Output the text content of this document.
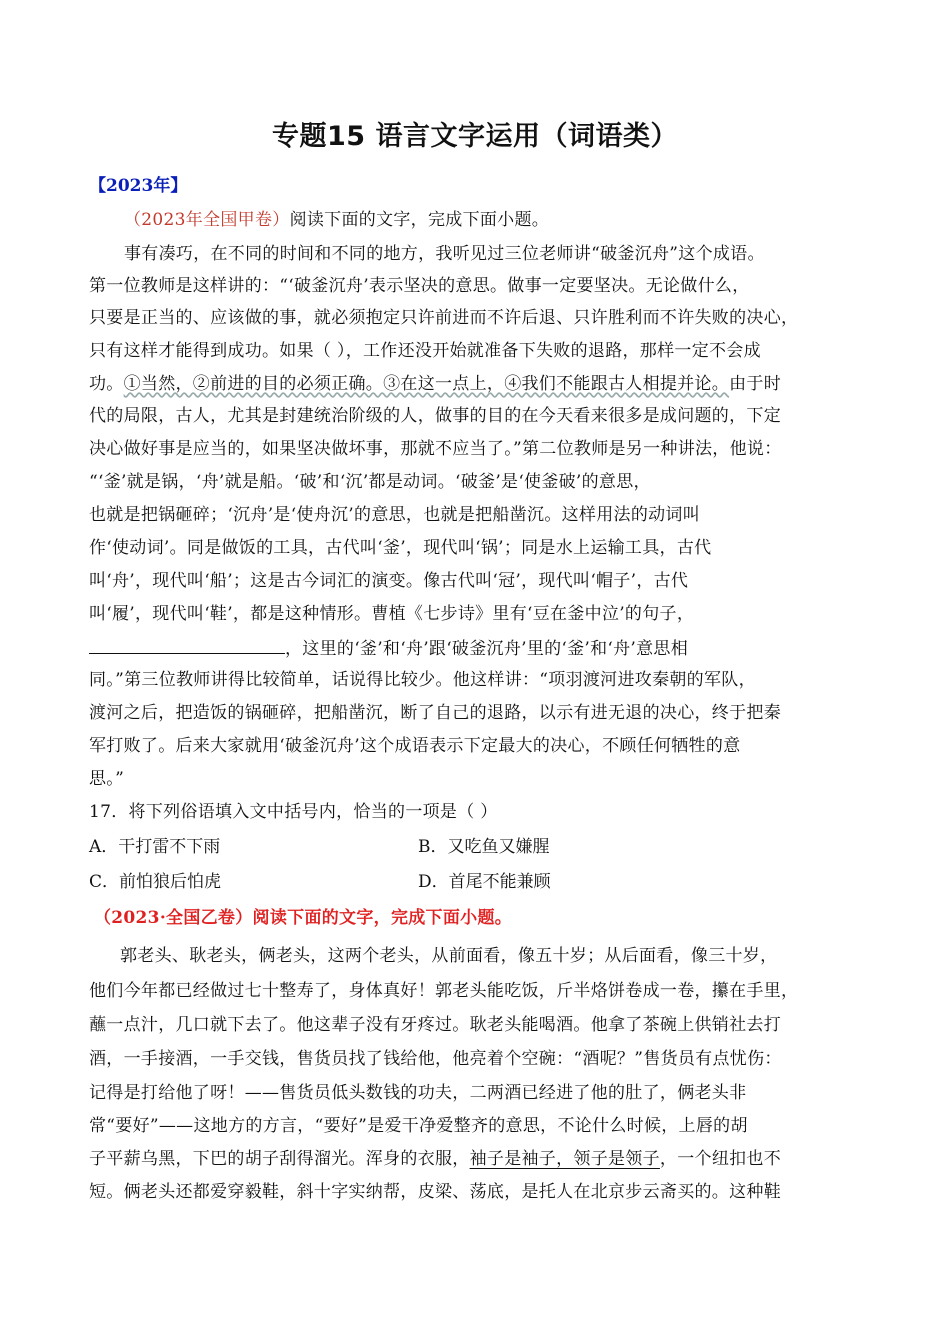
专题15 语言文字运用（词语类）
【2023年】
（2023年全国甲卷）阅读下面的文字，完成下面小题。
事有凑巧，在不同的时间和不同的地方，我听见过三位老师讲“破釜沉舟”这个成语。
第一位教师是这样讲的：“‘破釜沉舟’表示坚决的意思。做事一定要坚决。无论做什么，
只要是正当的、应该做的事，就必须抱定只许前进而不许后退、只许胜利而不许失败的决心，
只有这样才能得到成功。如果（ ），工作还没开始就准备下失败的退路，那样一定不会成
功。①当然，②前进的目的必须正确。③在这一点上，④我们不能跟古人相提并论。由于时
代的局限，古人，尤其是封建统治阶级的人，做事的目的在今天看来很多是成问题的，下定
决心做好事是应当的，如果坚决做坏事，那就不应当了。”第二位教师是另一种讲法，他说：
“‘釜’就是锅，‘舟’就是船。‘破’和‘沉’都是动词。‘破釜’是‘使釜破’的意思，
也就是把锅砸碎；‘沉舟’是‘使舟沉’的意思，也就是把船凿沉。这样用法的动词叫
作‘使动词’。同是做饭的工具，古代叫‘釜’，现代叫‘锅’；同是水上运输工具，古代
叫‘舟’，现代叫‘船’；这是古今词汇的演变。像古代叫‘冠’，现代叫‘帽子’，古代
叫‘履’，现代叫‘鞋’，都是这种情形。曹植《七步诗》里有‘豆在釜中泣’的句子，
，这里的‘釜’和‘舟’跟‘破釜沉舟’里的‘釜’和‘舟’意思相
同。”第三位教师讲得比较简单，话说得比较少。他这样讲：“项羽渡河进攻秦朝的军队，
渡河之后，把造饭的锅砸碎，把船凿沉，断了自己的退路，以示有进无退的决心，终于把秦
军打败了。后来大家就用‘破釜沉舟’这个成语表示下定最大的决心，不顾任何牺牲的意
思。”
17．将下列俗语填入文中括号内，恰当的一项是（ ）
A．干打雷不下雨	B．又吃鱼又嫌腥
C．前怕狼后怕虎	D．首尾不能兼顾
（2023·全国乙卷）阅读下面的文字，完成下面小题。
郭老头、耿老头，俩老头，这两个老头，从前面看，像五十岁；从后面看，像三十岁，
他们今年都已经做过七十整寿了，身体真好！郭老头能吃饭，斤半烙饼卷成一卷，攥在手里，
蘸一点汁，几口就下去了。他这辈子没有牙疼过。耿老头能喝酒。他拿了茶碗上供销社去打
酒，一手接酒，一手交钱，售货员找了钱给他，他亮着个空碗：“酒呢？”售货员有点忧伤：
记得是打给他了呀！——售货员低头数钱的功夫，二两酒已经进了他的肚了，俩老头非
常“要好”——这地方的方言，“要好”是爱干净爱整齐的意思，不论什么时候，上唇的胡
子平薪乌黑，下巴的胡子刮得溜光。浑身的衣服，袖子是袖子，领子是领子，一个纽扣也不
短。俩老头还都爱穿毅鞋，斜十字实纳帮，皮梁、荡底，是托人在北京步云斋买的。这种鞋
